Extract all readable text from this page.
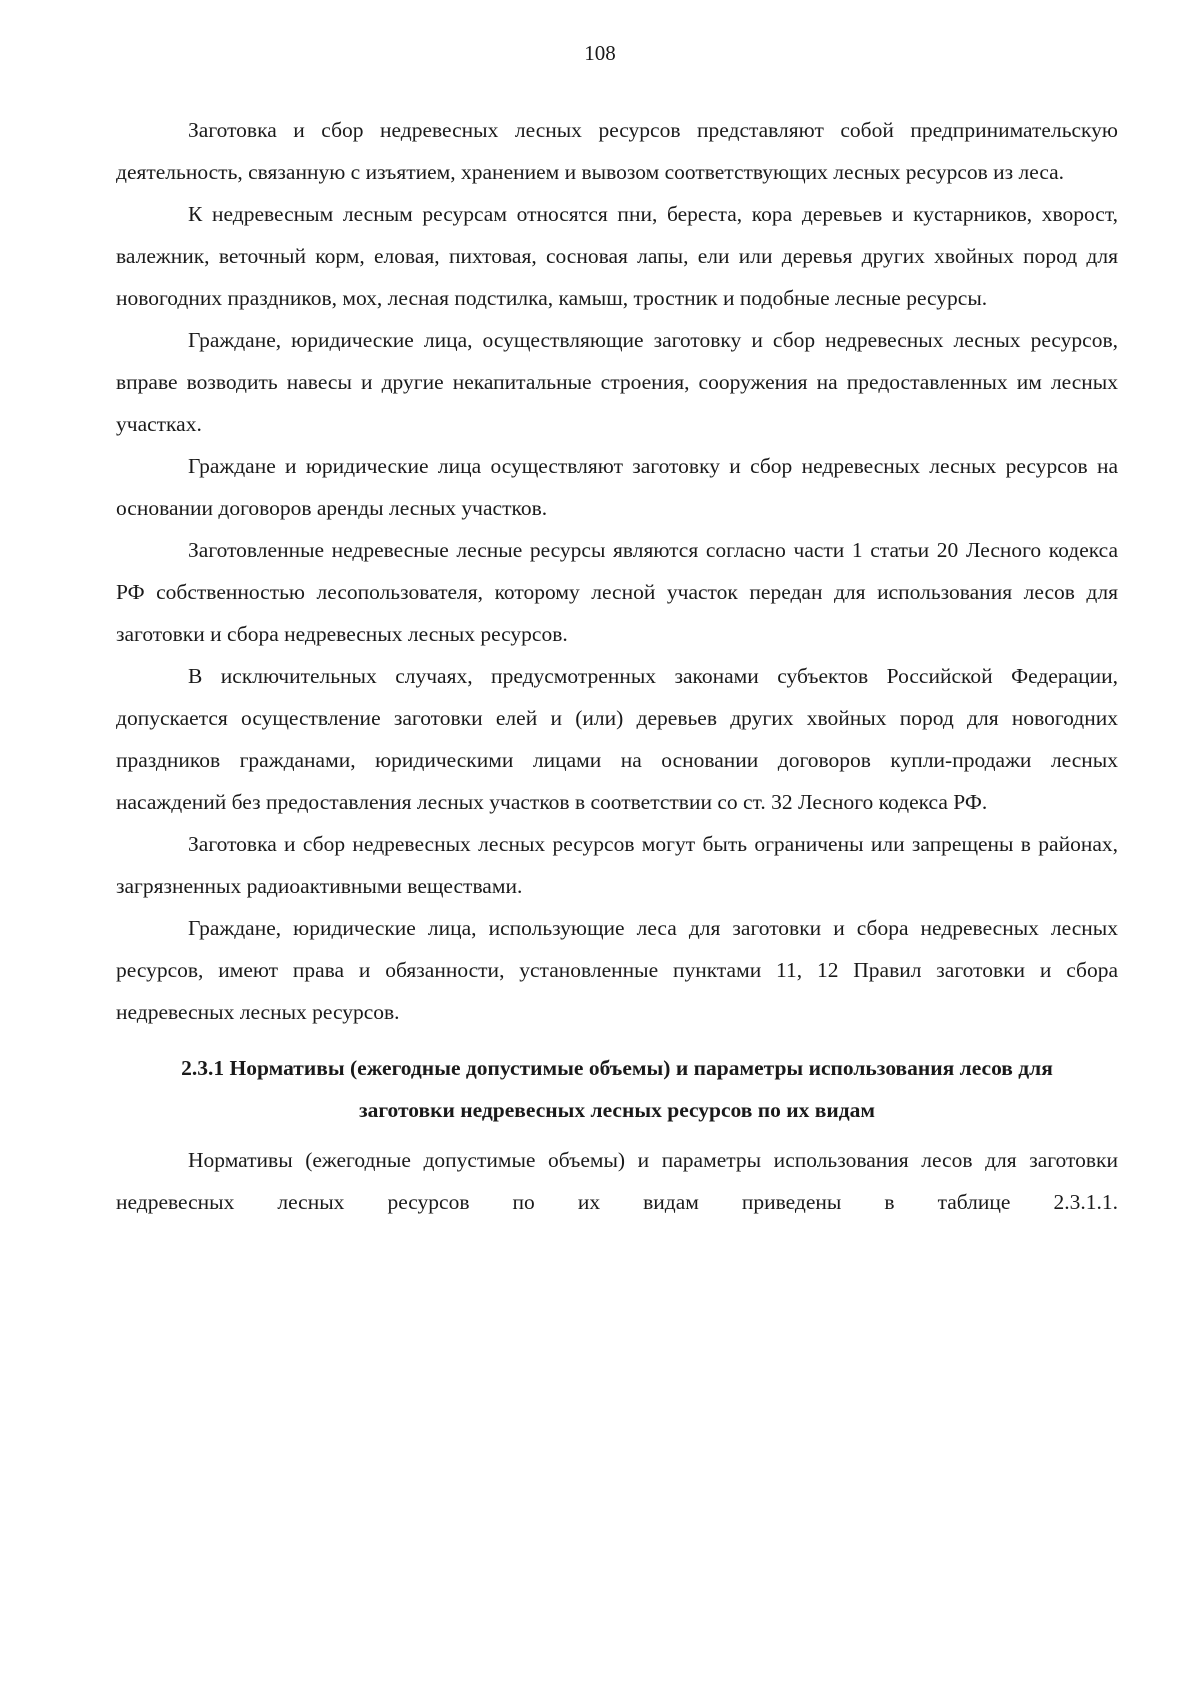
108

Заготовка и сбор недревесных лесных ресурсов представляют собой предпринимательскую деятельность, связанную с изъятием, хранением и вывозом соответствующих лесных ресурсов из леса.

К недревесным лесным ресурсам относятся пни, береста, кора деревьев и кустарников, хворост, валежник, веточный корм, еловая, пихтовая, сосновая лапы, ели или деревья других хвойных пород для новогодних праздников, мох, лесная подстилка, камыш, тростник и подобные лесные ресурсы.

Граждане, юридические лица, осуществляющие заготовку и сбор недревесных лесных ресурсов, вправе возводить навесы и другие некапитальные строения, сооружения на предоставленных им лесных участках.

Граждане и юридические лица осуществляют заготовку и сбор недревесных лесных ресурсов на основании договоров аренды лесных участков.

Заготовленные недревесные лесные ресурсы являются согласно части 1 статьи 20 Лесного кодекса РФ собственностью лесопользователя, которому лесной участок передан для использования лесов для заготовки и сбора недревесных лесных ресурсов.

В исключительных случаях, предусмотренных законами субъектов Российской Федерации, допускается осуществление заготовки елей и (или) деревьев других хвойных пород для новогодних праздников гражданами, юридическими лицами на основании договоров купли-продажи лесных насаждений без предоставления лесных участков в соответствии со ст. 32 Лесного кодекса РФ.

Заготовка и сбор недревесных лесных ресурсов могут быть ограничены или запрещены в районах, загрязненных радиоактивными веществами.

Граждане, юридические лица, использующие леса для заготовки и сбора недревесных лесных ресурсов, имеют права и обязанности, установленные пунктами 11, 12 Правил заготовки и сбора недревесных лесных ресурсов.

2.3.1 Нормативы (ежегодные допустимые объемы) и параметры использования лесов для заготовки недревесных лесных ресурсов по их видам

Нормативы (ежегодные допустимые объемы) и параметры использования лесов для заготовки недревесных лесных ресурсов по их видам приведены в таблице 2.3.1.1.
